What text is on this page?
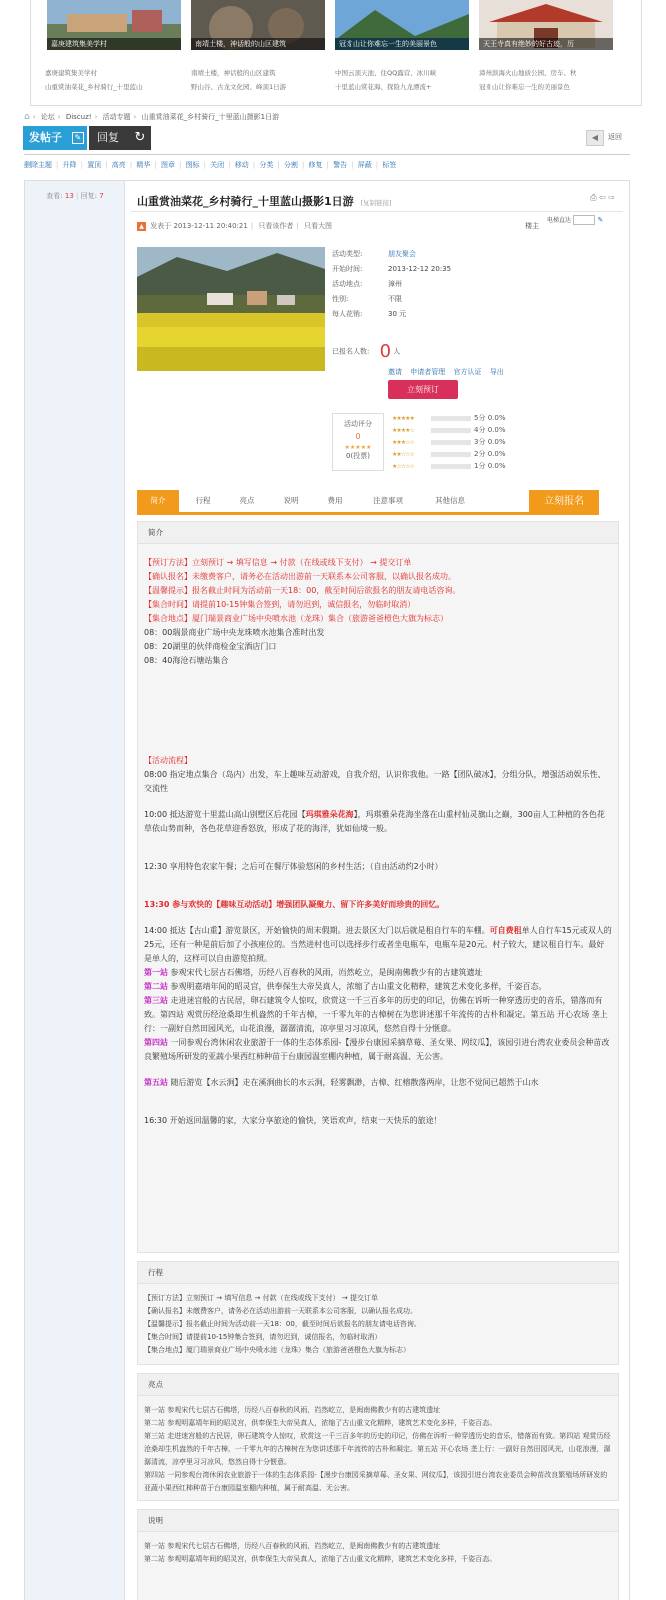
嘉庚建筑集美学村	南靖土楼，神话般的山区建筑	冠豸山让你难忘一生的美丽景色	天王寺真有绝妙的好古迹，历
嘉庚建筑集美学村
山重赏油菜花_乡村骑行_十里蓝山
南靖土楼，神话般的山区建筑
野山谷、古龙文化园、峰顶1日游
中国云顶天池、住QQ露营、冰川峡
十里蓝山赏花海、探险九龙漂流+
漳州滨海火山地质公园、房车、秋
冠豸山让你难忘一生的美丽景色
⌂ › 论坛 › Discuz! › 活动专题 › 山重赏油菜花_乡村骑行_十里蓝山摄影1日游
发帖子 ✎	回复 ↻	◀	返回
删除主题 | 升降 | 置顶 | 高亮 | 精华 | 图章 | 图标 | 关闭 | 移动 | 分类 | 分割 | 修复 | 警告 | 屏蔽 | 标签
查看: 13 | 回复: 7	山重赏油菜花_乡村骑行_十里蓝山摄影1日游 [复制链接]
⎙ ⇦ ⇨
▲ 发表于 2013-12-11 20:40:21 | 只看该作者 | 只看大图	楼主
电梯直达	✎
活动类型:	朋友聚会
开始时间:	2013-12-12 20:35
活动地点:	漳州
性别:	不限
每人花销:	30 元
已报名人数: 0 人
邀请 申请者管理 官方认证 导出
立刻预订
活动评分
0
★★★★★
0(投票)
★★★★★	5分 0.0%
★★★★☆	4分 0.0%
★★★☆☆	3分 0.0%
★★☆☆☆	2分 0.0%
★☆☆☆☆	1分 0.0%
简介	行程	亮点	说明	费用	注意事项	其他信息	立刻报名
简介

【预订方法】立刻预订 → 填写信息 → 付款（在线或线下支付） → 提交订单

【确认报名】未缴费客户，请务必在活动出游前一天联系本公司客服，以确认报名成功。

【温馨提示】报名截止时间为活动前一天18：00，截至时间后欲报名的朋友请电话咨询。

【集合时间】请提前10-15钟集合签到，请勿迟到，诚信报名，勿临时取消）

【集合地点】厦门瑞景商业广场中央喷水池（龙珠）集合（旅游爸爸橙色大旗为标志）

08：00瑞景商业广场中央龙珠喷水池集合准时出发

08：20湖里的伙伴商检金宝酒店门口

08：40海沧石塘站集合

【活动流程】

08:00 指定地点集合（岛内）出发，车上趣味互动游戏，自我介绍，认识你我他。一路【团队破冰】，分组分队，增强活动娱乐性、交流性

10:00 抵达游览十里蓝山高山别墅区后花园【玛琪雅朵花海】，玛琪雅朵花海坐落在山重村仙灵旗山之巅，300亩人工种植的各色花草依山势而种，各色花草迎香怒放，形成了花的海洋，犹如仙境一般。

12:30 享用特色农家午餐；之后可在餐厅体验悠闲的乡村生活；（自由活动约2小时）

13:30 参与欢快的【趣味互动活动】增强团队凝聚力、留下许多美好而珍贵的回忆。

14:00 抵达【古山重】游览景区，开始愉快的周末假期。进去景区大门以后就是租自行车的车棚。可自费租单人自行车15元或双人的25元，还有一种是前后加了小孩座位的。当然进村也可以选择步行或者坐电瓶车，电瓶车是20元。村子较大，建议租自行车。最好是单人的，这样可以自由游览拍照。

第一站 参观宋代七层古石佛塔，历经八百春秋的风雨，岿然屹立，是闽南佛教少有的古建筑遗址

第二站 参观明嘉靖年间的昭灵宫，供奉保生大帝吴真人，浓缩了古山重文化精粹，建筑艺术变化多样，千姿百态。

第三站 走进迷宫般的古民居，卵石建筑令人惊叹，欣赏这一千三百多年的历史的印记，仿佛在诉听一种穿透历史的音乐，错落而有致。第四站 观赏历经沧桑却生机盎然的千年古樟，一千零九年的古樟树在为您讲述那千年流传的古朴和凝定。第五站 开心农场 垄上行：一副好自然田园风光，山花浪漫，潺潺清流，凉亭里习习凉风，悠然自得十分惬意。

第四站 一同参观台湾休闲农业旅游于一体的生态体系园-【漫步台康园采摘草莓、圣女果、网纹瓜】，该园引进台湾农业委员会种苗改良繁殖场所研发的亚蔬小果西红柿种苗于台康园温室棚内种植，属于耐高温、无公害。

第五站 随后游览【水云涧】走在溪涧曲长的水云涧，轻雾飘渺，古樟、红榕散落两岸，让您不觉间已超然于山水

16:30 开始返回温馨的家，大家分享旅途的愉快，笑语欢声，结束一天快乐的旅途！

行程

【预订方法】立刻预订 → 填写信息 → 付款（在线或线下支付） → 提交订单

【确认报名】未缴费客户，请务必在活动出游前一天联系本公司客服，以确认报名成功。

【温馨提示】报名截止时间为活动前一天18：00，截至时间后欲报名的朋友请电话咨询。

【集合时间】请提前10-15钟集合签到，请勿迟到，诚信报名，勿临时取消）

【集合地点】厦门瑞景商业广场中央喷水池（龙珠）集合（旅游爸爸橙色大旗为标志）

亮点

第一站 参观宋代七层古石佛塔，历经八百春秋的风雨，岿然屹立，是闽南佛教少有的古建筑遗址

第二站 参观明嘉靖年间的昭灵宫，供奉保生大帝吴真人，浓缩了古山重文化精粹，建筑艺术变化多样，千姿百态。

第三站 走进迷宫般的古民居，卵石建筑令人惊叹，欣赏这一千三百多年的历史的印记，仿佛在诉听一种穿透历史的音乐，错落而有致。第四站 观赏历经沧桑却生机盎然的千年古樟，一千零九年的古樟树在为您讲述那千年流传的古朴和凝定。第五站 开心农场 垄上行：一副好自然田园风光，山花浪漫，潺潺清流，凉亭里习习凉风，悠然自得十分惬意。

第四站 一同参观台湾休闲农业旅游于一体的生态体系园-【漫步台康园采摘草莓、圣女果、网纹瓜】，该园引进台湾农业委员会种苗改良繁殖场所研发的亚蔬小果西红柿种苗于台康园温室棚内种植，属于耐高温、无公害。

说明

第一站 参观宋代七层古石佛塔，历经八百春秋的风雨，岿然屹立，是闽南佛教少有的古建筑遗址

第二站 参观明嘉靖年间的昭灵宫，供奉保生大帝吴真人，浓缩了古山重文化精粹，建筑艺术变化多样，千姿百态。
